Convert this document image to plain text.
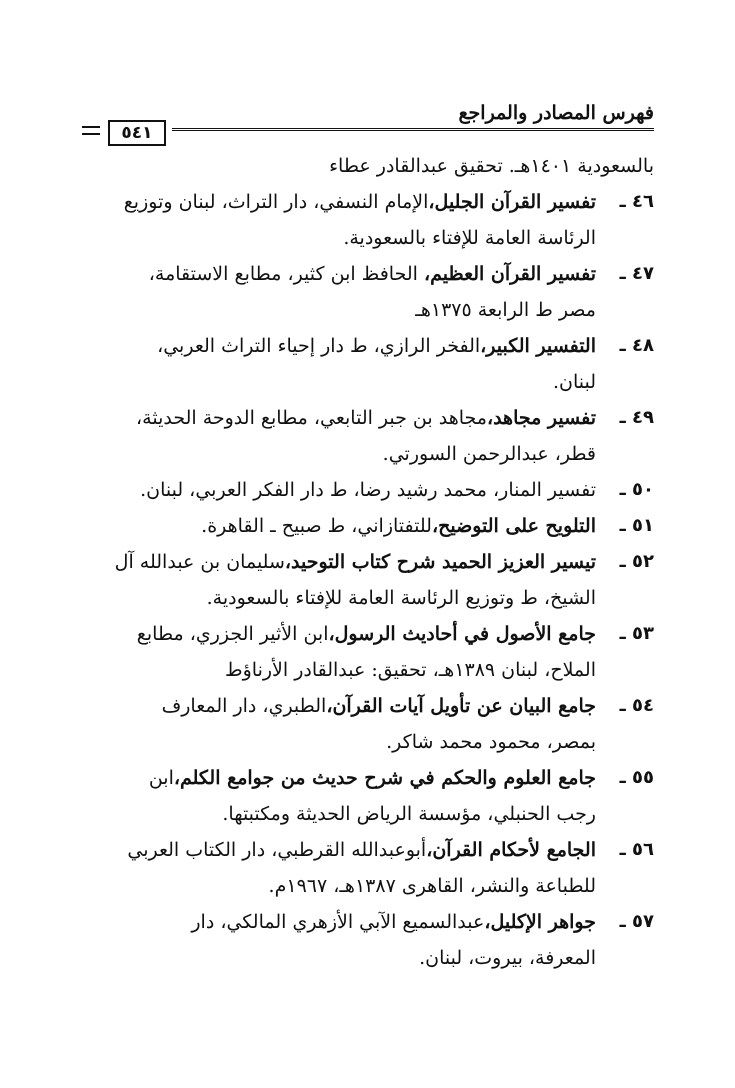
فهرس المصادر والمراجع
٥٤١
بالسعودية ١٤٠١هـ. تحقيق عبدالقادر عطاء
٤٦ ـ
تفسير القرآن الجليل،الإمام النسفي، دار التراث، لبنان وتوزيع
الرئاسة العامة للإفتاء بالسعودية.
٤٧ ـ
تفسير القرآن العظيم، الحافظ ابن كثير، مطابع الاستقامة،
مصر ط الرابعة ١٣٧٥هـ
٤٨ ـ
التفسير الكبير،الفخر الرازي، ط دار إحياء التراث العربي،
لبنان.
٤٩ ـ
تفسير مجاهد،مجاهد بن جبر التابعي، مطابع الدوحة الحديثة،
قطر، عبدالرحمن السورتي.
٥٠ ـ
تفسير المنار، محمد رشيد رضا، ط دار الفكر العربي، لبنان.
٥١ ـ
التلويح على التوضيح،للتفتازاني، ط صبيح ـ القاهرة.
٥٢ ـ
تيسير العزيز الحميد شرح كتاب التوحيد،سليمان بن عبدالله آل
الشيخ، ط وتوزيع الرئاسة العامة للإفتاء بالسعودية.
٥٣ ـ
جامع الأصول في أحاديث الرسول،ابن الأثير الجزري، مطابع
الملاح، لبنان ١٣٨٩هـ، تحقيق: عبدالقادر الأرناؤط
٥٤ ـ
جامع البيان عن تأويل آيات القرآن،الطبري، دار المعارف
بمصر، محمود محمد شاكر.
٥٥ ـ
جامع العلوم والحكم في شرح حديث من جوامع الكلم،ابن
رجب الحنبلي، مؤسسة الرياض الحديثة ومكتبتها.
٥٦ ـ
الجامع لأحكام القرآن،أبوعبدالله القرطبي، دار الكتاب العربي
للطباعة والنشر، القاهرى ١٣٨٧هـ، ١٩٦٧م.
٥٧ ـ
جواهر الإكليل،عبدالسميع الآبي الأزهري المالكي، دار
المعرفة، بيروت، لبنان.
